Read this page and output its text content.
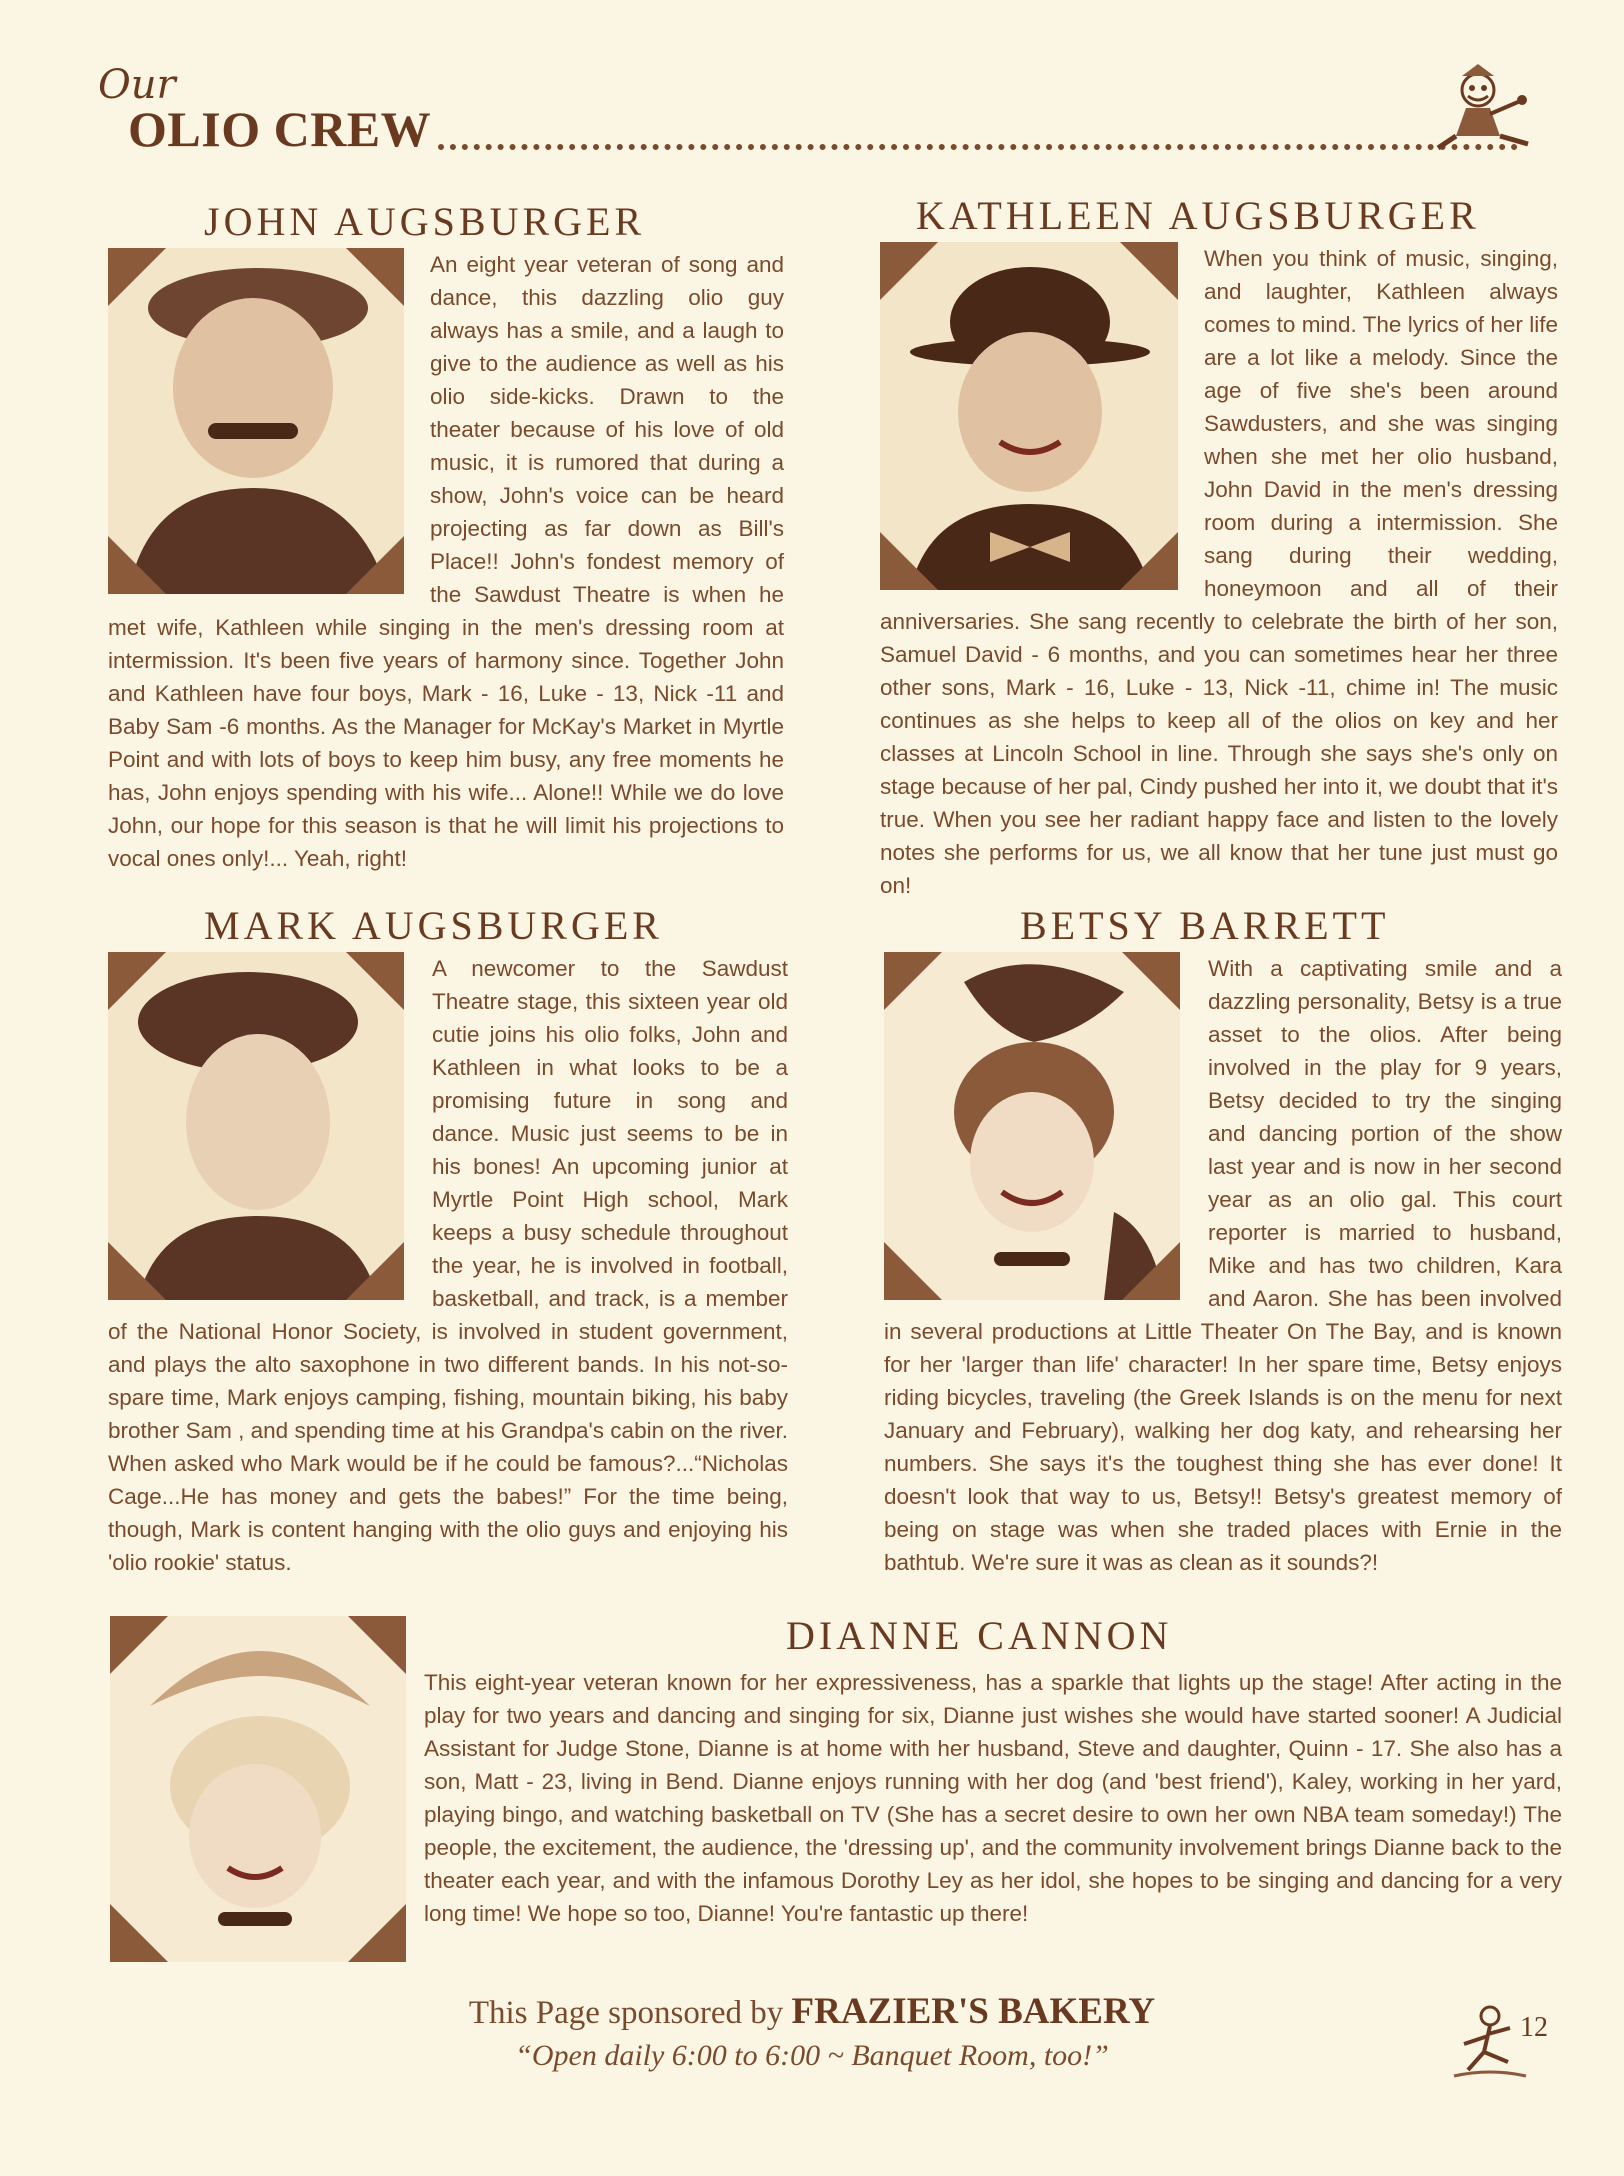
Our
OLIO CREW
JOHN AUGSBURGER

An eight year veteran of song and dance, this dazzling olio guy always has a smile, and a laugh to give to the audience as well as his olio side-kicks. Drawn to the theater because of his love of old music, it is rumored that during a show, John's voice can be heard projecting as far down as Bill's Place!! John's fondest memory of the Sawdust Theatre is when he met wife, Kathleen while singing in the men's dressing room at intermission. It's been five years of harmony since. Together John and Kathleen have four boys, Mark - 16, Luke - 13, Nick -11 and Baby Sam -6 months. As the Manager for McKay's Market in Myrtle Point and with lots of boys to keep him busy, any free moments he has, John enjoys spending with his wife... Alone!! While we do love John, our hope for this season is that he will limit his projections to vocal ones only!... Yeah, right!

KATHLEEN AUGSBURGER

When you think of music, singing, and laughter, Kathleen always comes to mind. The lyrics of her life are a lot like a melody. Since the age of five she's been around Sawdusters, and she was singing when she met her olio husband, John David in the men's dressing room during a intermission. She sang during their wedding, honeymoon and all of their anniversaries. She sang recently to celebrate the birth of her son, Samuel David - 6 months, and you can sometimes hear her three other sons, Mark - 16, Luke - 13, Nick -11, chime in! The music continues as she helps to keep all of the olios on key and her classes at Lincoln School in line. Through she says she's only on stage because of her pal, Cindy pushed her into it, we doubt that it's true. When you see her radiant happy face and listen to the lovely notes she performs for us, we all know that her tune just must go on!

MARK AUGSBURGER

A newcomer to the Sawdust Theatre stage, this sixteen year old cutie joins his olio folks, John and Kathleen in what looks to be a promising future in song and dance. Music just seems to be in his bones! An upcoming junior at Myrtle Point High school, Mark keeps a busy schedule throughout the year, he is involved in football, basketball, and track, is a member of the National Honor Society, is involved in student government, and plays the alto saxophone in two different bands. In his not-so-spare time, Mark enjoys camping, fishing, mountain biking, his baby brother Sam , and spending time at his Grandpa's cabin on the river. When asked who Mark would be if he could be famous?...“Nicholas Cage...He has money and gets the babes!” For the time being, though, Mark is content hanging with the olio guys and enjoying his 'olio rookie' status.

BETSY BARRETT

With a captivating smile and a dazzling personality, Betsy is a true asset to the olios. After being involved in the play for 9 years, Betsy decided to try the singing and dancing portion of the show last year and is now in her second year as an olio gal. This court reporter is married to husband, Mike and has two children, Kara and Aaron. She has been involved in several productions at Little Theater On The Bay, and is known for her 'larger than life' character! In her spare time, Betsy enjoys riding bicycles, traveling (the Greek Islands is on the menu for next January and February), walking her dog katy, and rehearsing her numbers. She says it's the toughest thing she has ever done! It doesn't look that way to us, Betsy!! Betsy's greatest memory of being on stage was when she traded places with Ernie in the bathtub. We're sure it was as clean as it sounds?!

DIANNE CANNON

This eight-year veteran known for her expressiveness, has a sparkle that lights up the stage! After acting in the play for two years and dancing and singing for six, Dianne just wishes she would have started sooner! A Judicial Assistant for Judge Stone, Dianne is at home with her husband, Steve and daughter, Quinn - 17. She also has a son, Matt - 23, living in Bend. Dianne enjoys running with her dog (and 'best friend'), Kaley, working in her yard, playing bingo, and watching basketball on TV (She has a secret desire to own her own NBA team someday!) The people, the excitement, the audience, the 'dressing up', and the community involvement brings Dianne back to the theater each year, and with the infamous Dorothy Ley as her idol, she hopes to be singing and dancing for a very long time! We hope so too, Dianne! You're fantastic up there!

This Page sponsored by FRAZIER'S BAKERY
“Open daily 6:00 to 6:00 ~ Banquet Room, too!”
12
